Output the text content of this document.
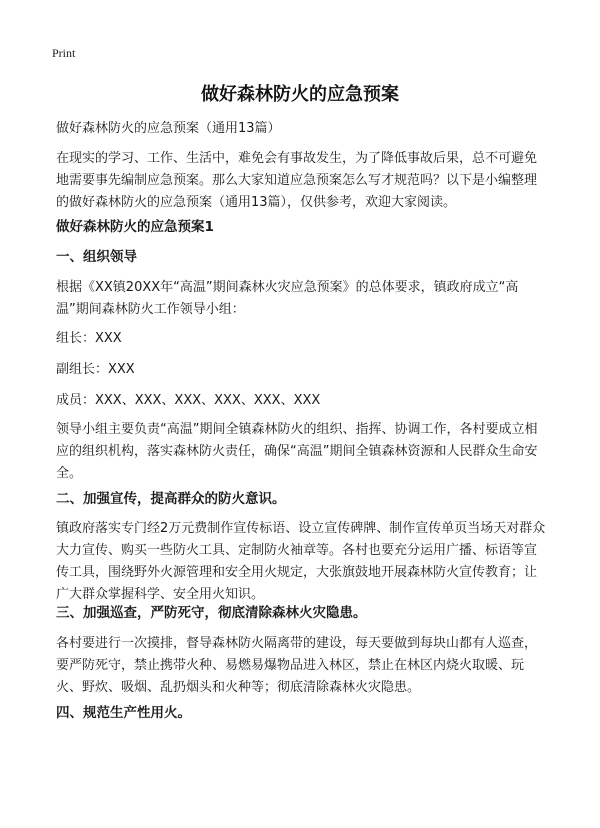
Print
做好森林防火的应急预案
做好森林防火的应急预案（通用13篇）
在现实的学习、工作、生活中，难免会有事故发生，为了降低事故后果，总不可避免地需要事先编制应急预案。那么大家知道应急预案怎么写才规范吗？以下是小编整理的做好森林防火的应急预案（通用13篇），仅供参考，欢迎大家阅读。
做好森林防火的应急预案1
一、组织领导
根据《XX镇20XX年“高温”期间森林火灾应急预案》的总体要求，镇政府成立“高温”期间森林防火工作领导小组：
组长：XXX
副组长：XXX
成员：XXX、XXX、XXX、XXX、XXX、XXX
领导小组主要负责“高温”期间全镇森林防火的组织、指挥、协调工作，各村要成立相应的组织机构，落实森林防火责任，确保“高温”期间全镇森林资源和人民群众生命安全。
二、加强宣传，提高群众的防火意识。
镇政府落实专门经2万元费制作宣传标语、设立宣传碑牌、制作宣传单页当场天对群众大力宣传、购买一些防火工具、定制防火袖章等。各村也要充分运用广播、标语等宣传工具，围绕野外火源管理和安全用火规定，大张旗鼓地开展森林防火宣传教育；让广大群众掌握科学、安全用火知识。
三、加强巡查，严防死守，彻底清除森林火灾隐患。
各村要进行一次摸排，督导森林防火隔离带的建设，每天要做到每块山都有人巡查，要严防死守，禁止携带火种、易燃易爆物品进入林区，禁止在林区内烧火取暖、玩火、野炊、吸烟、乱扔烟头和火种等；彻底清除森林火灾隐患。
四、规范生产性用火。
